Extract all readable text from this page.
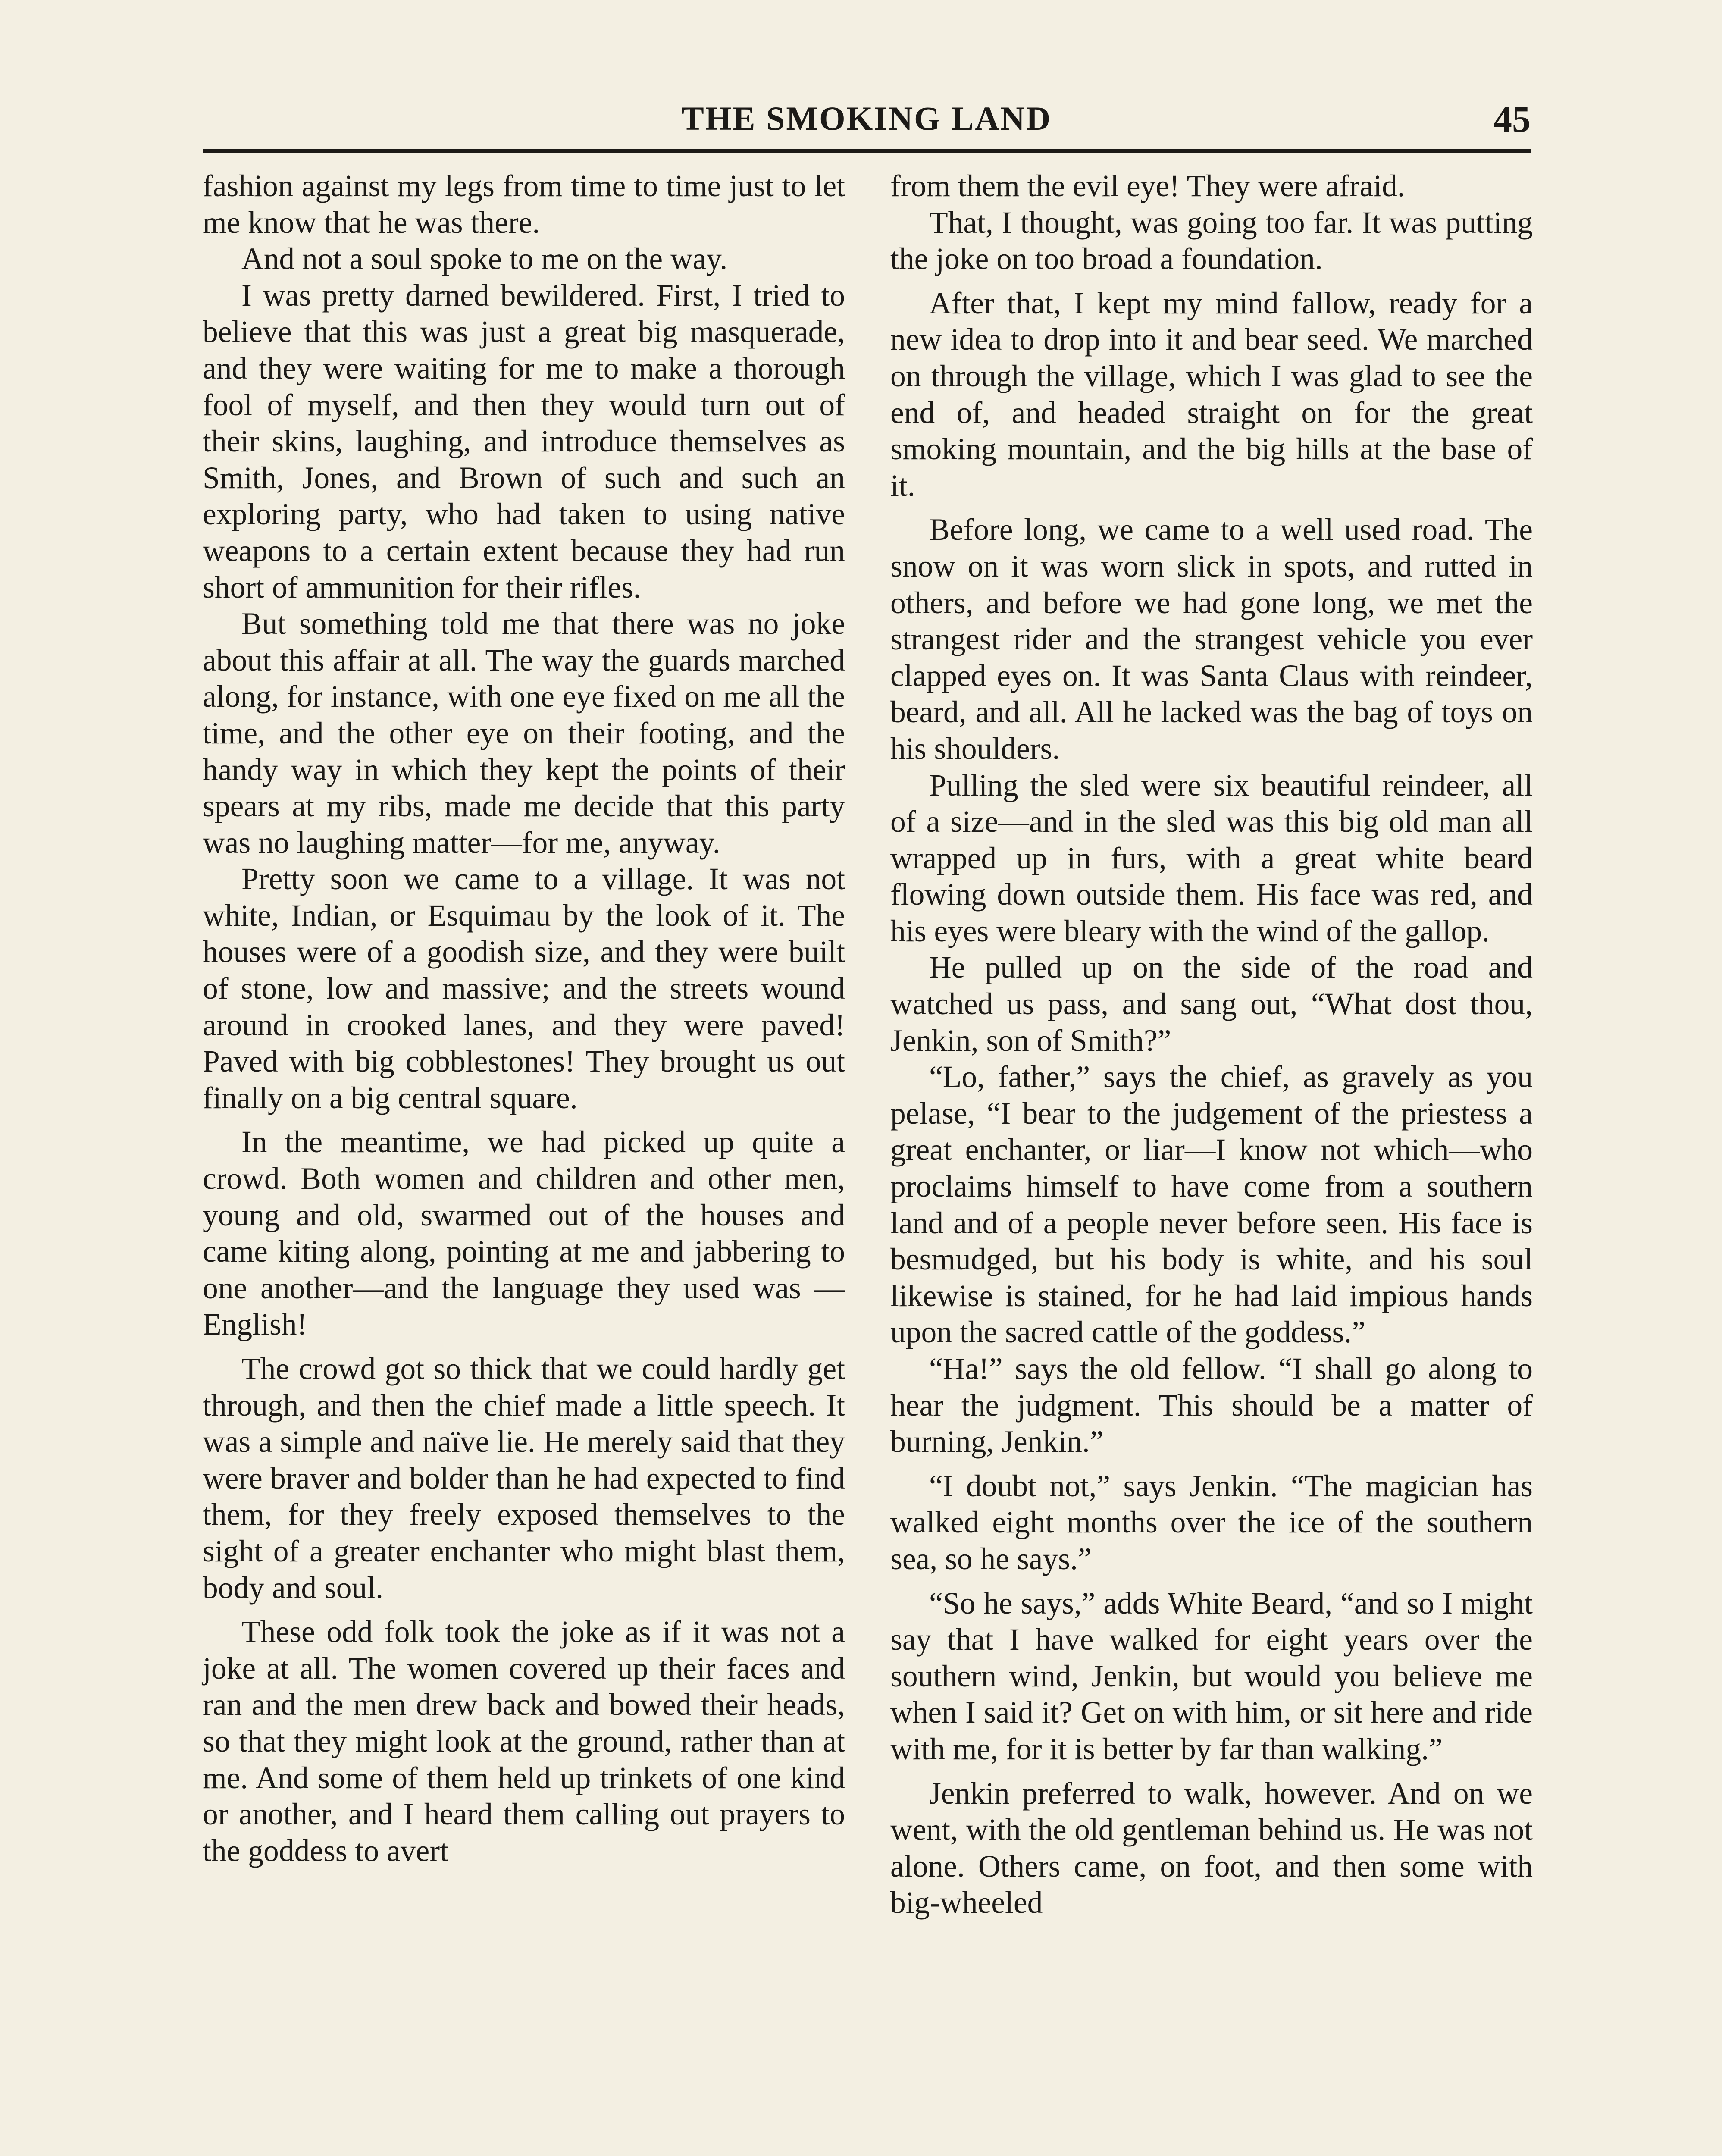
THE SMOKING LAND	45

fashion against my legs from time to time just to let me know that he was there.

And not a soul spoke to me on the way.

I was pretty darned bewildered. First, I tried to believe that this was just a great big masquerade, and they were waiting for me to make a thorough fool of myself, and then they would turn out of their skins, laughing, and introduce themselves as Smith, Jones, and Brown of such and such an exploring party, who had taken to using native weapons to a certain extent because they had run short of ammunition for their rifles.

But something told me that there was no joke about this affair at all. The way the guards marched along, for instance, with one eye fixed on me all the time, and the other eye on their footing, and the handy way in which they kept the points of their spears at my ribs, made me decide that this party was no laughing matter—for me, anyway.

Pretty soon we came to a village. It was not white, Indian, or Esquimau by the look of it. The houses were of a goodish size, and they were built of stone, low and massive; and the streets wound around in crooked lanes, and they were paved! Paved with big cobblestones! They brought us out finally on a big central square.

In the meantime, we had picked up quite a crowd. Both women and children and other men, young and old, swarmed out of the houses and came kiting along, pointing at me and jabbering to one another—and the language they used was —English!

The crowd got so thick that we could hardly get through, and then the chief made a little speech. It was a simple and naïve lie. He merely said that they were braver and bolder than he had expected to find them, for they freely exposed themselves to the sight of a greater enchanter who might blast them, body and soul.

These odd folk took the joke as if it was not a joke at all. The women covered up their faces and ran and the men drew back and bowed their heads, so that they might look at the ground, rather than at me. And some of them held up trinkets of one kind or another, and I heard them calling out prayers to the goddess to avert

from them the evil eye! They were afraid.

That, I thought, was going too far. It was putting the joke on too broad a foundation.

After that, I kept my mind fallow, ready for a new idea to drop into it and bear seed. We marched on through the village, which I was glad to see the end of, and headed straight on for the great smoking mountain, and the big hills at the base of it.

Before long, we came to a well used road. The snow on it was worn slick in spots, and rutted in others, and before we had gone long, we met the strangest rider and the strangest vehicle you ever clapped eyes on. It was Santa Claus with reindeer, beard, and all. All he lacked was the bag of toys on his shoulders.

Pulling the sled were six beautiful reindeer, all of a size—and in the sled was this big old man all wrapped up in furs, with a great white beard flowing down outside them. His face was red, and his eyes were bleary with the wind of the gallop.

He pulled up on the side of the road and watched us pass, and sang out, “What dost thou, Jenkin, son of Smith?”

“Lo, father,” says the chief, as gravely as you pelase, “I bear to the judgement of the priestess a great enchanter, or liar—I know not which—who proclaims himself to have come from a southern land and of a people never before seen. His face is besmudged, but his body is white, and his soul likewise is stained, for he had laid impious hands upon the sacred cattle of the goddess.”

“Ha!” says the old fellow. “I shall go along to hear the judgment. This should be a matter of burning, Jenkin.”

“I doubt not,” says Jenkin. “The magician has walked eight months over the ice of the southern sea, so he says.”

“So he says,” adds White Beard, “and so I might say that I have walked for eight years over the southern wind, Jenkin, but would you believe me when I said it? Get on with him, or sit here and ride with me, for it is better by far than walking.”

Jenkin preferred to walk, however. And on we went, with the old gentleman behind us. He was not alone. Others came, on foot, and then some with big-wheeled
